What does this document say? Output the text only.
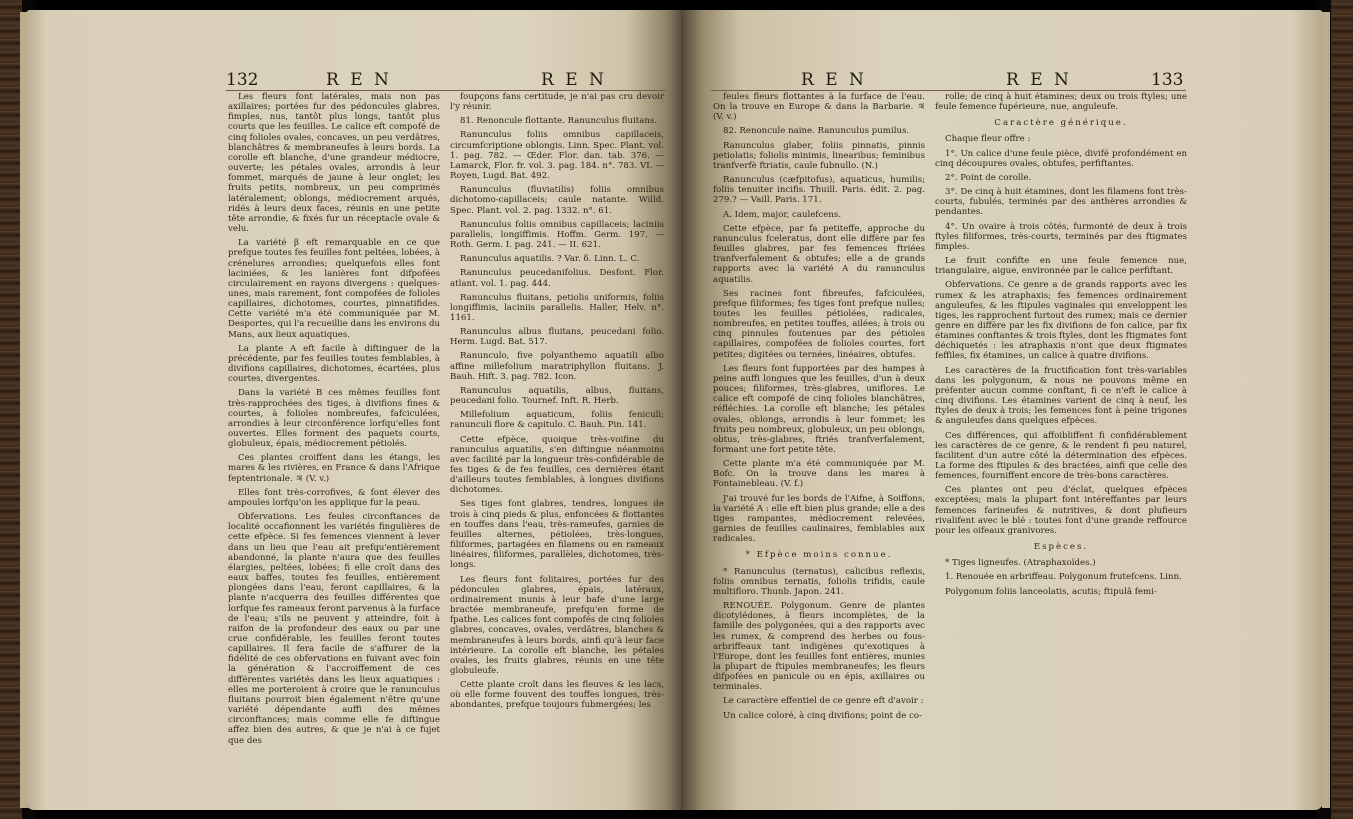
132	R E N	R E N

Les fleurs font latérales, mais non pas axillaires; portées fur des pédoncules glabres, fimples, nus, tantôt plus longs, tantôt plus courts que les feuilles. Le calice eft compofé de cinq folioles ovales, concaves, un peu verdâtres, blanchâtres & membraneufes à leurs bords. La corolle eft blanche, d'une grandeur médiocre, ouverte; les pétales ovales, arrondis à leur fommet, marqués de jaune à leur onglet; les fruits petits, nombreux, un peu comprimés latéralement; oblongs, médiocrement arqués, ridés à leurs deux faces, réunis en une petite tête arrondie, & fixés fur un réceptacle ovale & velu.

La variété β eft remarquable en ce que prefque toutes fes feuilles font peltées, lobées, à crénelures arrondies; quelquefois elles font laciniées, & les lanières font difpofées circulairement en rayons divergens : quelques-unes, mais rarement, font compofées de folioles capillaires, dichotomes, courtes, pinnatifides. Cette variété m'a été communiquée par M. Desportes, qui l'a recueillie dans les environs du Mans, aux lieux aquatiques.

La plante A eft facile à diftinguer de la précédente, par fes feuilles toutes femblables, à divifions capillaires, dichotomes, écartées, plus courtes, divergentes.

Dans la variété B ces mêmes feuilles font très-rapprochées des tiges, à divifions fines & courtes, à folioles nombreufes, fafciculées, arrondies à leur circonférence lorfqu'elles font ouvertes. Elles forment des paquets courts, globuleux, épais, médiocrement pétiolés.

Ces plantes croiffent dans les étangs, les mares & les rivières, en France & dans l'Afrique feptentrionale. ♃ (V. v.)

Elles font très-corrofives, & font élever des ampoules lorfqu'on les applique fur la peau.

Obfervations. Les feules circonftances de localité occafionnent les variétés fingulières de cette efpèce. Si fes femences viennent à lever dans un lieu que l'eau ait prefqu'entièrement abandonné, la plante n'aura que des feuilles élargies, peltées, lobées; fi elle croît dans des eaux baffes, toutes fes feuilles, entièrement plongées dans l'eau, feront capillaires, & la plante n'acquerra des feuilles différentes que lorfque fes rameaux feront parvenus à la furface de l'eau; s'ils ne peuvent y atteindre, foit à raifon de la profondeur des eaux ou par une crue confidérable, les feuilles feront toutes capillaires. Il fera facile de s'affurer de la fidélité de ces obfervations en fuivant avec foin la génération & l'accroiffement de ces différentes variétés dans les lieux aquatiques : elles me porteroient à croire que le ranunculus fluitans pourroit bien également n'être qu'une variété dépendante auffi des mêmes circonftances; mais comme elle fe diftingue affez bien des autres, & que je n'ai à ce fujet que des

foupçons fans certitude, je n'ai pas cru devoir l'y réunir.

81. Renoncule flottante. Ranunculus fluitans.

Ranunculus foliis omnibus capillaceis, circumfcriptione oblongis. Linn. Spec. Plant. vol. 1. pag. 782. — Œder. Flor. dan. tab. 376. — Lamarck, Flor. fr. vol. 3. pag. 184. n°. 783. VI. — Royen, Lugd. Bat. 492.

Ranunculus (fluviatilis) foliis omnibus dichotomo-capillaceis; caule natante. Willd. Spec. Plant. vol. 2. pag. 1332. n°. 61.

Ranunculus foliis omnibus capillaceis; laciniis parallelis, longiffimis. Hoffm. Germ. 197. — Roth. Germ. I. pag. 241. — II. 621.

Ranunculus aquatilis. ? Var. δ. Linn. L. C.

Ranunculus peucedanifolius. Desfont. Flor. atlant. vol. 1. pag. 444.

Ranunculus fluitans, petiolis uniformis, foliis longiffimis, laciniis parallelis. Haller, Helv. n°. 1161.

Ranunculus albus fluitans, peucedani folio. Herm. Lugd. Bat. 517.

Ranunculo, five polyanthemo aquatili albo affine millefolium maratriphyllon fluitans. J. Bauh. Hift. 3. pag. 782. Icon.

Ranunculus aquatilis, albus, fluitans, peucedani folio. Tournef. Inft. R. Herb.

Millefolium aquaticum, foliis feniculi; ranunculi flore & capitulo. C. Bauh. Pin. 141.

Cette efpèce, quoique très-voifine du ranunculus aquatilis, s'en diftingue néanmoins avec facilité par la longueur très-confidérable de fes tiges & de fes feuilles, ces dernières étant d'ailleurs toutes femblables, à longues divifions dichotomes.

Ses tiges font glabres, tendres, longues de trois à cinq pieds & plus, enfoncées & flottantes en touffes dans l'eau, très-rameufes, garnies de feuilles alternes, pétiolées, très-longues, filiformes, partagées en filamens ou en rameaux linéaires, filiformes, parallèles, dichotomes, très-longs.

Les fleurs font folitaires, portées fur des pédoncules glabres, épais, latéraux, ordinairement munis à leur bafe d'une large bractée membraneufe, prefqu'en forme de fpathe. Les calices font compofés de cinq folioles glabres, concaves, ovales, verdâtres, blanches & membraneufes à leurs bords, ainfi qu'à leur face intérieure. La corolle eft blanche, les pétales ovales, les fruits glabres, réunis en une tête globuleufe.

Cette plante croît dans les fleuves & les lacs, où elle forme fouvent des touffes longues, très-abondantes, prefque toujours fubmergées; les

R E N	R E N	133

feules fleurs flottantes à la furface de l'eau. On la trouve en Europe & dans la Barbarie. ♃ (V. v.)

82. Renoncule naine. Ranunculus pumilus.

Ranunculus glaber, foliis pinnatis, pinnis petiolatis; foliolis minimis, linearibus; feminibus tranfverfè ftriatis, caule fubnullo. (N.)

Ranunculus (cæfpitofus), aquaticus, humilis; foliis tenuiter incifis. Thuill. Paris. édit. 2. pag. 279.? — Vaill. Paris. 171.

A. Idem, major, caulefcens.

Cette efpèce, par fa petiteffe, approche du ranunculus fceleratus, dont elle diffère par fes feuilles glabres, par fes femences ftriées tranfverfalement & obtufes; elle a de grands rapports avec la variété A du ranunculus aquatilis.

Ses racines font fibreufes, fafciculées, prefque filiformes; fes tiges font prefque nulles; toutes les feuilles pétiolées, radicales, nombreufes, en petites touffes, ailées; à trois ou cinq pinnules foutenues par des pétioles capillaires, compofées de folioles courtes, fort petites; digitées ou ternées, linéaires, obtufes.

Les fleurs font fupportées par des hampes à peine auffi longues que les feuilles, d'un à deux pouces; filiformes, très-glabres, uniflores. Le calice eft compofé de cinq folioles blanchâtres, réfléchies. La corolle eft blanche; les pétales ovales, oblongs, arrondis à leur fommet; les fruits peu nombreux, globuleux, un peu oblongs, obtus, très-glabres, ftriés tranfverfalement, formant une fort petite tête.

Cette plante m'a été communiquée par M. Bofc. On la trouve dans les mares à Fontainebleau. (V. f.)

J'ai trouvé fur les bords de l'Aifne, à Soiffons, la variété A : elle eft bien plus grande; elle a des tiges rampantes, médiocrement relevées, garnies de feuilles caulinaires, femblables aux radicales.

* Efpèce moins connue.

* Ranunculus (ternatus), calicibus reflexis, foliis omnibus ternatis, foliolis trifidis, caule multifloro. Thunb. Japon. 241.

RENOUÉE. Polygonum. Genre de plantes dicotylédones, à fleurs incomplètes, de la famille des polygonées, qui a des rapports avec les rumex, & comprend des herbes ou fous-arbriffeaux tant indigènes qu'exotiques à l'Europe, dont les feuilles font entières, munies la plupart de ftipules membraneufes; les fleurs difpofées en panicule ou en épis, axillaires ou terminales.

Le caractère effentiel de ce genre eft d'avoir :

Un calice coloré, à cinq divifions; point de co-

rolle; de cinq à huit étamines; deux ou trois ftyles; une feule femence fupérieure, nue, anguleufe.

Caractère générique.

Chaque fleur offre :

1°. Un calice d'une feule pièce, divifé profondément en cinq découpures ovales, obtufes, perfiftantes.

2°. Point de corolle.

3°. De cinq à huit étamines, dont les filamens font très-courts, fubulés, terminés par des anthères arrondies & pendantes.

4°. Un ovaire à trois côtés, furmonté de deux à trois ftyles filiformes, très-courts, terminés par des ftigmates fimples.

Le fruit confifte en une feule femence nue, triangulaire, aigue, environnée par le calice perfiftant.

Obfervations. Ce genre a de grands rapports avec les rumex & les atraphaxis; fes femences ordinairement anguleufes, & les ftipules vaginales qui enveloppent les tiges, les rapprochent furtout des rumex; mais ce dernier genre en diffère par les fix divifions de fon calice, par fix étamines conftantes & trois ftyles, dont les ftigmates font déchiquetés : les atraphaxis n'ont que deux ftigmates feffiles, fix étamines, un calice à quatre divifions.

Les caractères de la fructification font très-variables dans les polygonum, & nous ne pouvons même en préfenter aucun comme conftant, fi ce n'eft le calice à cinq divifions. Les étamines varient de cinq à neuf, les ftyles de deux à trois; les femences font à peine trigones & anguleufes dans quelques efpèces.

Ces différences, qui affoibliffent fi confidérablement les caractères de ce genre, & le rendent fi peu naturel, facilitent d'un autre côté la détermination des efpèces. La forme des ftipules & des bractées, ainfi que celle des femences, fourniffent encore de très-bons caractères.

Ces plantes ont peu d'éclat, quelques efpèces exceptées; mais la plupart font intéreffantes par leurs femences farineufes & nutritives, & dont plufieurs rivalifent avec le blé : toutes font d'une grande reffource pour les oifeaux granivores.

Espèces.

* Tiges ligneufes. (Atraphaxoïdes.)

1. Renouée en arbriffeau. Polygonum frutefcens. Linn.

Polygonum foliis lanceolatis, acutis; ftipulâ femi-
